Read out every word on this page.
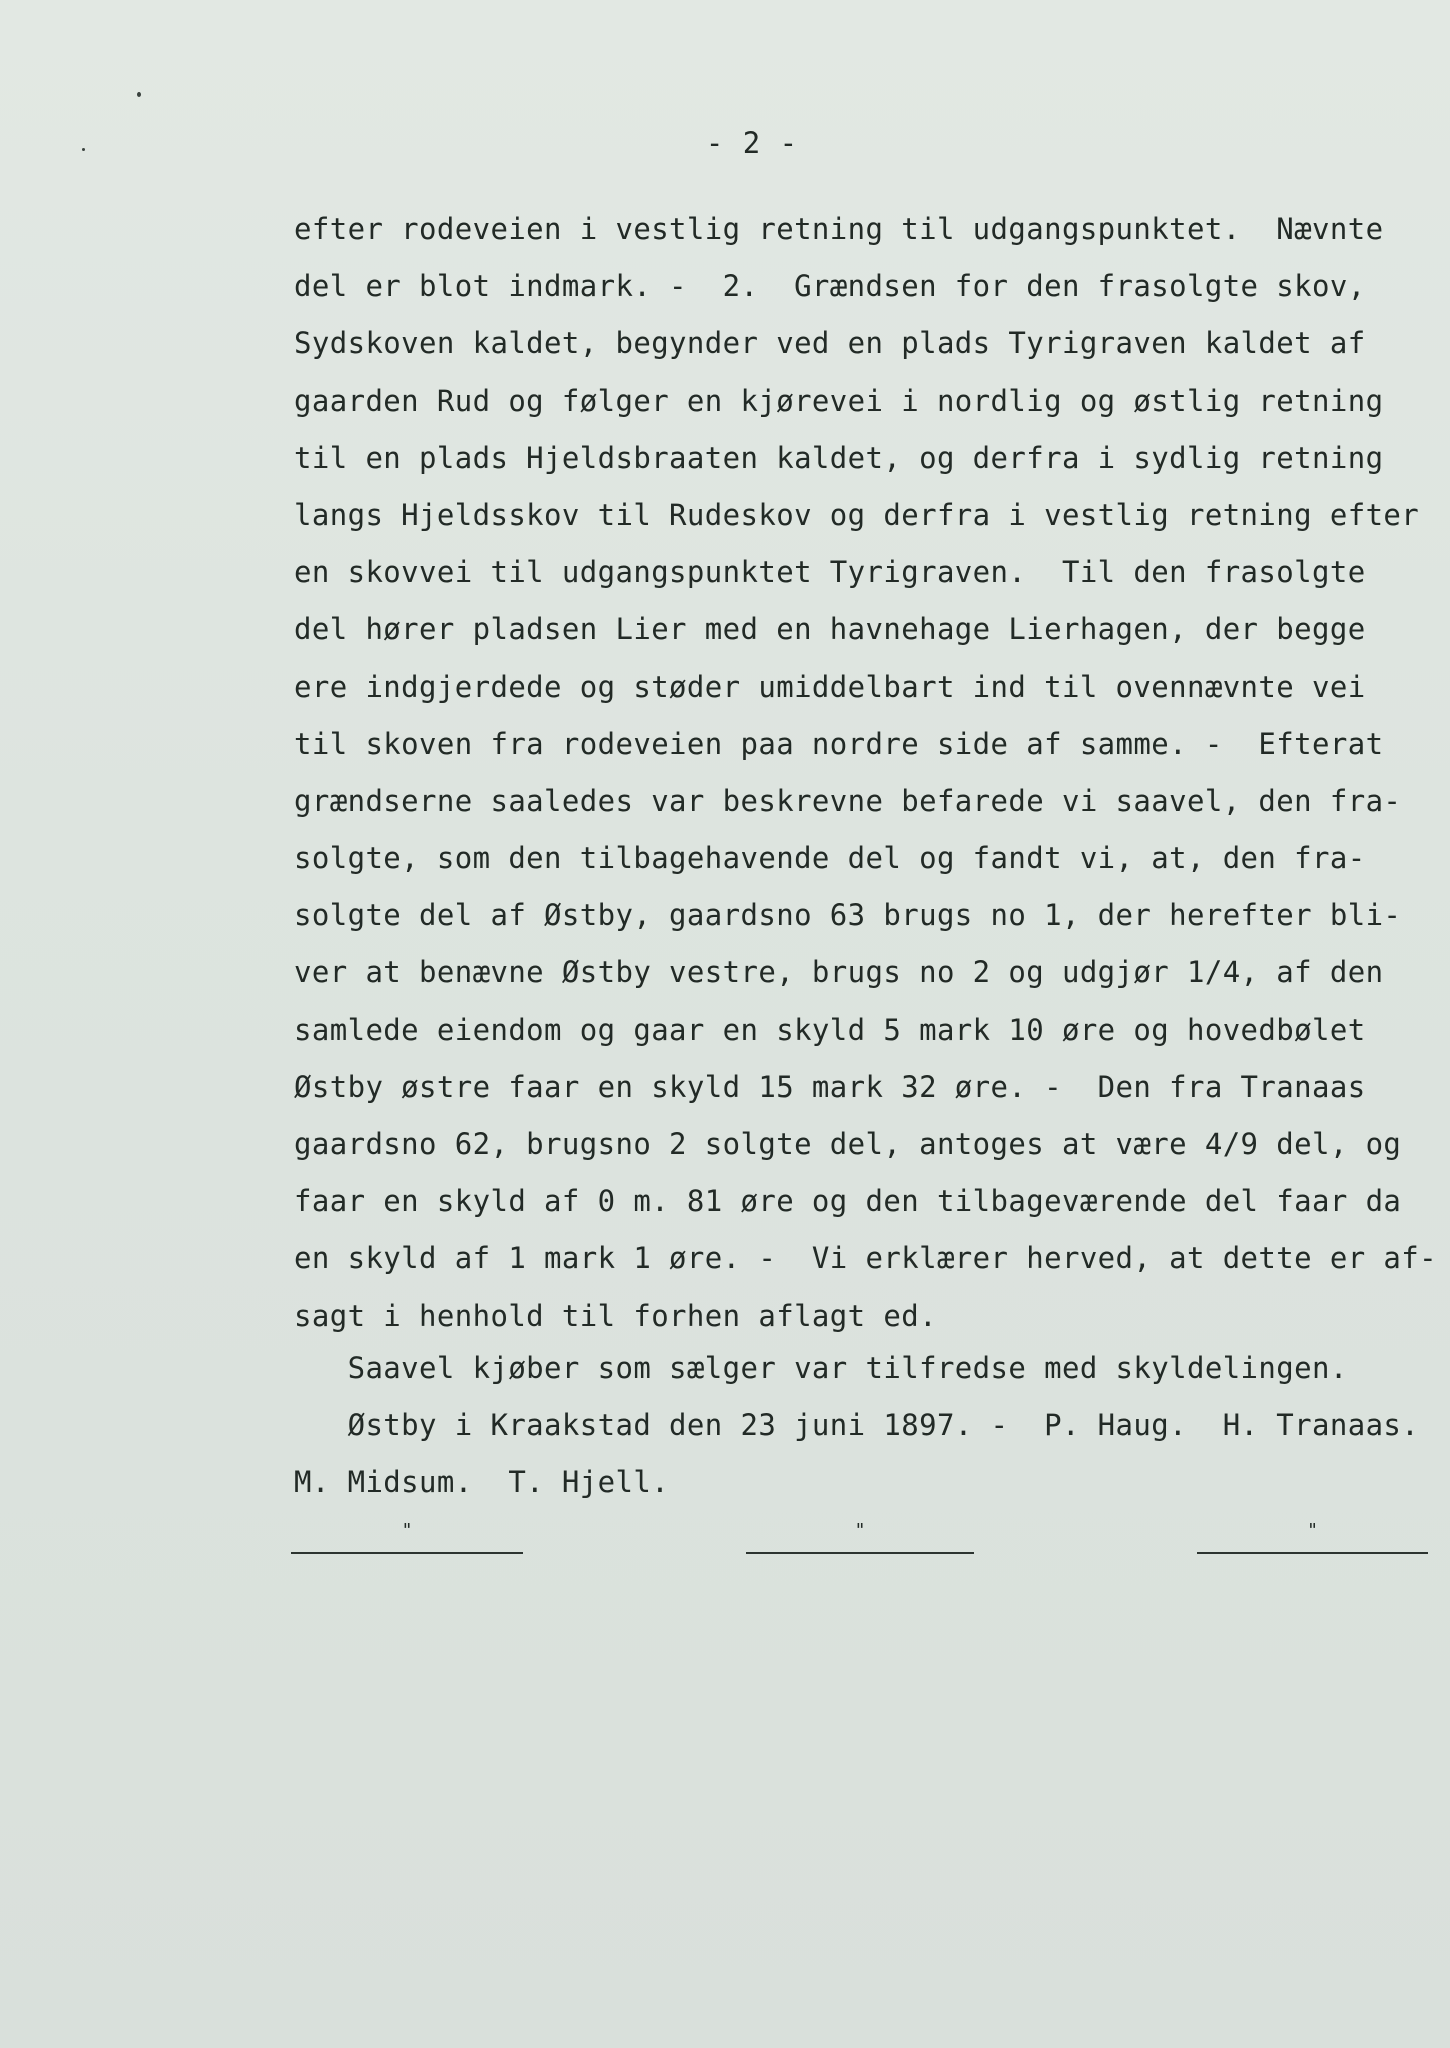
- 2 -
efter rodeveien i vestlig retning til udgangspunktet.  Nævnte
del er blot indmark. -  2.  Grændsen for den frasolgte skov,
Sydskoven kaldet, begynder ved en plads Tyrigraven kaldet af
gaarden Rud og følger en kjørevei i nordlig og østlig retning
til en plads Hjeldsbraaten kaldet, og derfra i sydlig retning
langs Hjeldsskov til Rudeskov og derfra i vestlig retning efter
en skovvei til udgangspunktet Tyrigraven.  Til den frasolgte
del hører pladsen Lier med en havnehage Lierhagen, der begge
ere indgjerdede og støder umiddelbart ind til ovennævnte vei
til skoven fra rodeveien paa nordre side af samme. -  Efterat
grændserne saaledes var beskrevne befarede vi saavel, den fra-
solgte, som den tilbagehavende del og fandt vi, at, den fra-
solgte del af Østby, gaardsno 63 brugs no 1, der herefter bli-
ver at benævne Østby vestre, brugs no 2 og udgjør 1/4, af den
samlede eiendom og gaar en skyld 5 mark 10 øre og hovedbølet
Østby østre faar en skyld 15 mark 32 øre. -  Den fra Tranaas
gaardsno 62, brugsno 2 solgte del, antoges at være 4/9 del, og
faar en skyld af 0 m. 81 øre og den tilbageværende del faar da
en skyld af 1 mark 1 øre. -  Vi erklærer herved, at dette er af-
sagt i henhold til forhen aflagt ed.
Saavel kjøber som sælger var tilfredse med skyldelingen.
Østby i Kraakstad den 23 juni 1897. -  P. Haug.  H. Tranaas.
M. Midsum.  T. Hjell.
"	"	"
